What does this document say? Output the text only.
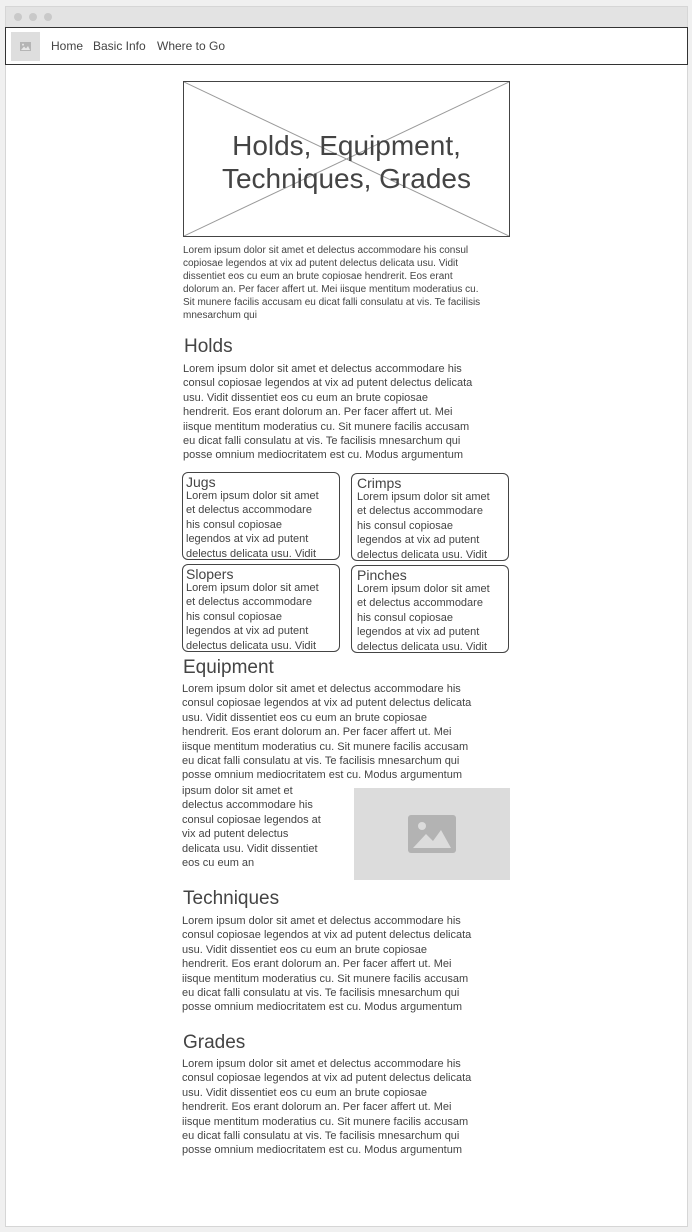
Home Basic Info Where to Go
Holds, Equipment,
Techniques, Grades
Lorem ipsum dolor sit amet et delectus accommodare his consul
copiosae legendos at vix ad putent delectus delicata usu. Vidit
dissentiet eos cu eum an brute copiosae hendrerit. Eos erant
dolorum an. Per facer affert ut. Mei iisque mentitum moderatius cu.
Sit munere facilis accusam eu dicat falli consulatu at vis. Te facilisis
mnesarchum qui
Holds
Lorem ipsum dolor sit amet et delectus accommodare his
consul copiosae legendos at vix ad putent delectus delicata
usu. Vidit dissentiet eos cu eum an brute copiosae
hendrerit. Eos erant dolorum an. Per facer affert ut. Mei
iisque mentitum moderatius cu. Sit munere facilis accusam
eu dicat falli consulatu at vis. Te facilisis mnesarchum qui
posse omnium mediocritatem est cu. Modus argumentum
Jugs
Lorem ipsum dolor sit amet
et delectus accommodare
his consul copiosae
legendos at vix ad putent
delectus delicata usu. Vidit
Crimps
Lorem ipsum dolor sit amet
et delectus accommodare
his consul copiosae
legendos at vix ad putent
delectus delicata usu. Vidit
Slopers
Lorem ipsum dolor sit amet
et delectus accommodare
his consul copiosae
legendos at vix ad putent
delectus delicata usu. Vidit
Pinches
Lorem ipsum dolor sit amet
et delectus accommodare
his consul copiosae
legendos at vix ad putent
delectus delicata usu. Vidit
Equipment
Lorem ipsum dolor sit amet et delectus accommodare his
consul copiosae legendos at vix ad putent delectus delicata
usu. Vidit dissentiet eos cu eum an brute copiosae
hendrerit. Eos erant dolorum an. Per facer affert ut. Mei
iisque mentitum moderatius cu. Sit munere facilis accusam
eu dicat falli consulatu at vis. Te facilisis mnesarchum qui
posse omnium mediocritatem est cu. Modus argumentum
ipsum dolor sit amet et
delectus accommodare his
consul copiosae legendos at
vix ad putent delectus
delicata usu. Vidit dissentiet
eos cu eum an
Techniques
Lorem ipsum dolor sit amet et delectus accommodare his
consul copiosae legendos at vix ad putent delectus delicata
usu. Vidit dissentiet eos cu eum an brute copiosae
hendrerit. Eos erant dolorum an. Per facer affert ut. Mei
iisque mentitum moderatius cu. Sit munere facilis accusam
eu dicat falli consulatu at vis. Te facilisis mnesarchum qui
posse omnium mediocritatem est cu. Modus argumentum
Grades
Lorem ipsum dolor sit amet et delectus accommodare his
consul copiosae legendos at vix ad putent delectus delicata
usu. Vidit dissentiet eos cu eum an brute copiosae
hendrerit. Eos erant dolorum an. Per facer affert ut. Mei
iisque mentitum moderatius cu. Sit munere facilis accusam
eu dicat falli consulatu at vis. Te facilisis mnesarchum qui
posse omnium mediocritatem est cu. Modus argumentum
